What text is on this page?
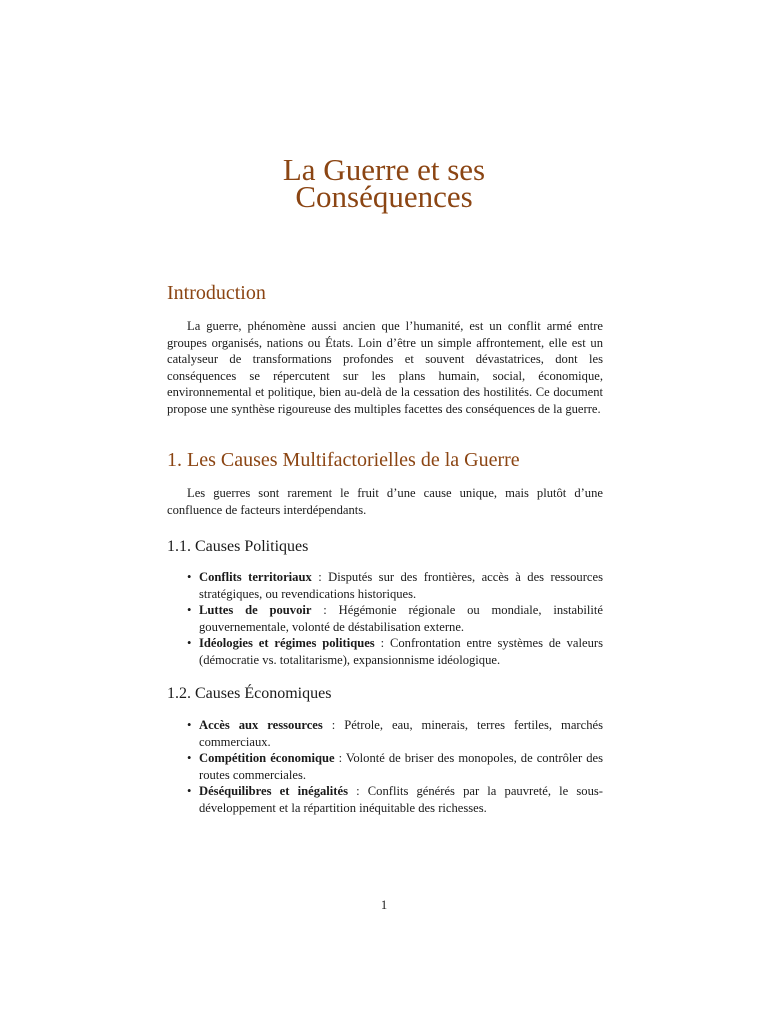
La Guerre et ses
Conséquences
Introduction

La guerre, phénomène aussi ancien que l’humanité, est un conflit armé entre groupes organisés, nations ou États. Loin d’être un simple affrontement, elle est un catalyseur de transformations profondes et souvent dévastatrices, dont les conséquences se répercutent sur les plans humain, social, économique, environnemental et politique, bien au-delà de la cessation des hostilités. Ce document propose une synthèse rigoureuse des multiples facettes des conséquences de la guerre.

1. Les Causes Multifactorielles de la Guerre

Les guerres sont rarement le fruit d’une cause unique, mais plutôt d’une confluence de facteurs interdépendants.

1.1. Causes Politiques
• Conflits territoriaux : Disputés sur des frontières, accès à des ressources stratégiques, ou revendications historiques.
• Luttes de pouvoir : Hégémonie régionale ou mondiale, instabilité gouvernementale, volonté de déstabilisation externe.
• Idéologies et régimes politiques : Confrontation entre systèmes de valeurs (démocratie vs. totalitarisme), expansionnisme idéologique.
1.2. Causes Économiques
• Accès aux ressources : Pétrole, eau, minerais, terres fertiles, marchés commerciaux.
• Compétition économique : Volonté de briser des monopoles, de contrôler des routes commerciales.
• Déséquilibres et inégalités : Conflits générés par la pauvreté, le sous-développement et la répartition inéquitable des richesses.
1
